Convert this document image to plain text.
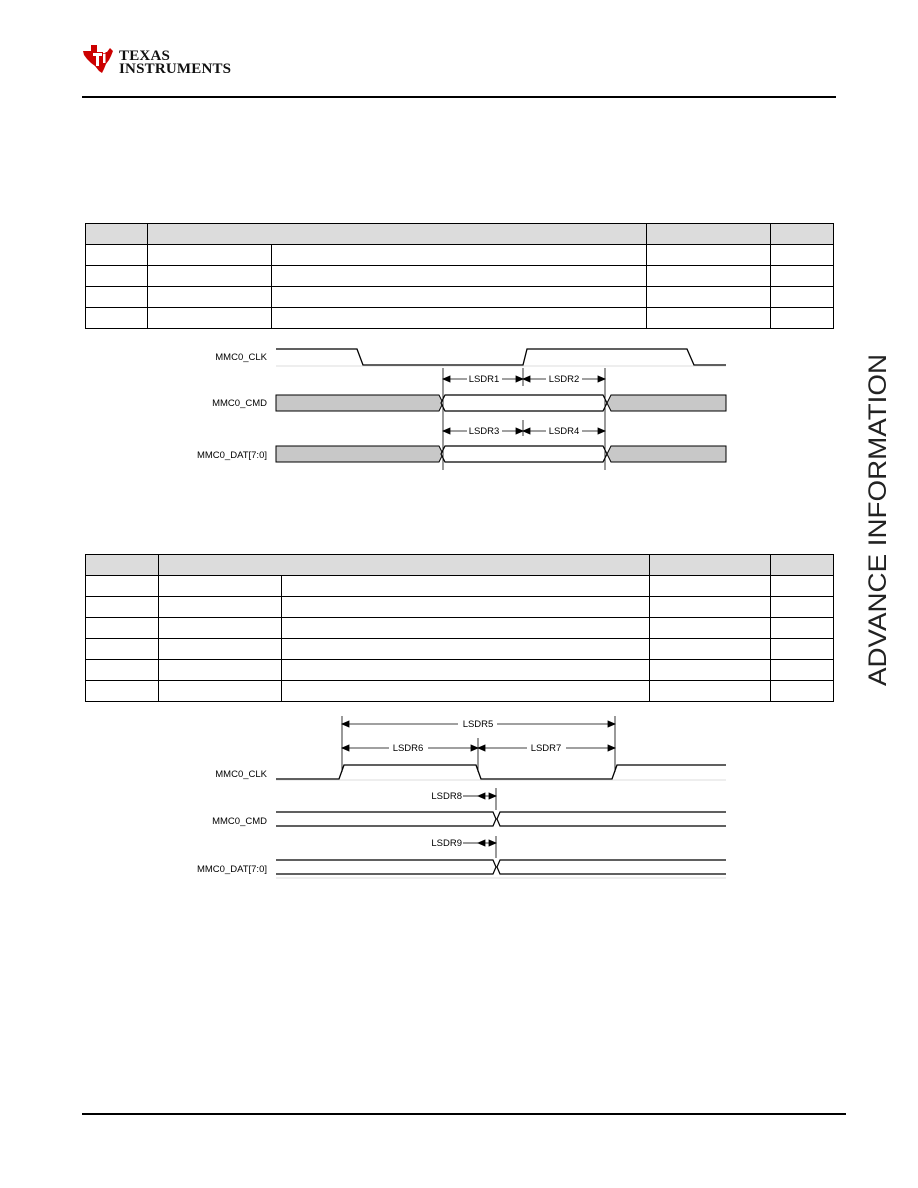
TEXAS
INSTRUMENTS
ADVANCE INFORMATION

MMC0_CLK
MMC0_CMD
MMC0_DAT[7:0]
LSDR1	LSDR2
LSDR3	LSDR4

MMC0_CLK
MMC0_CMD
MMC0_DAT[7:0]
LSDR5
LSDR6	LSDR7
LSDR8
LSDR9
